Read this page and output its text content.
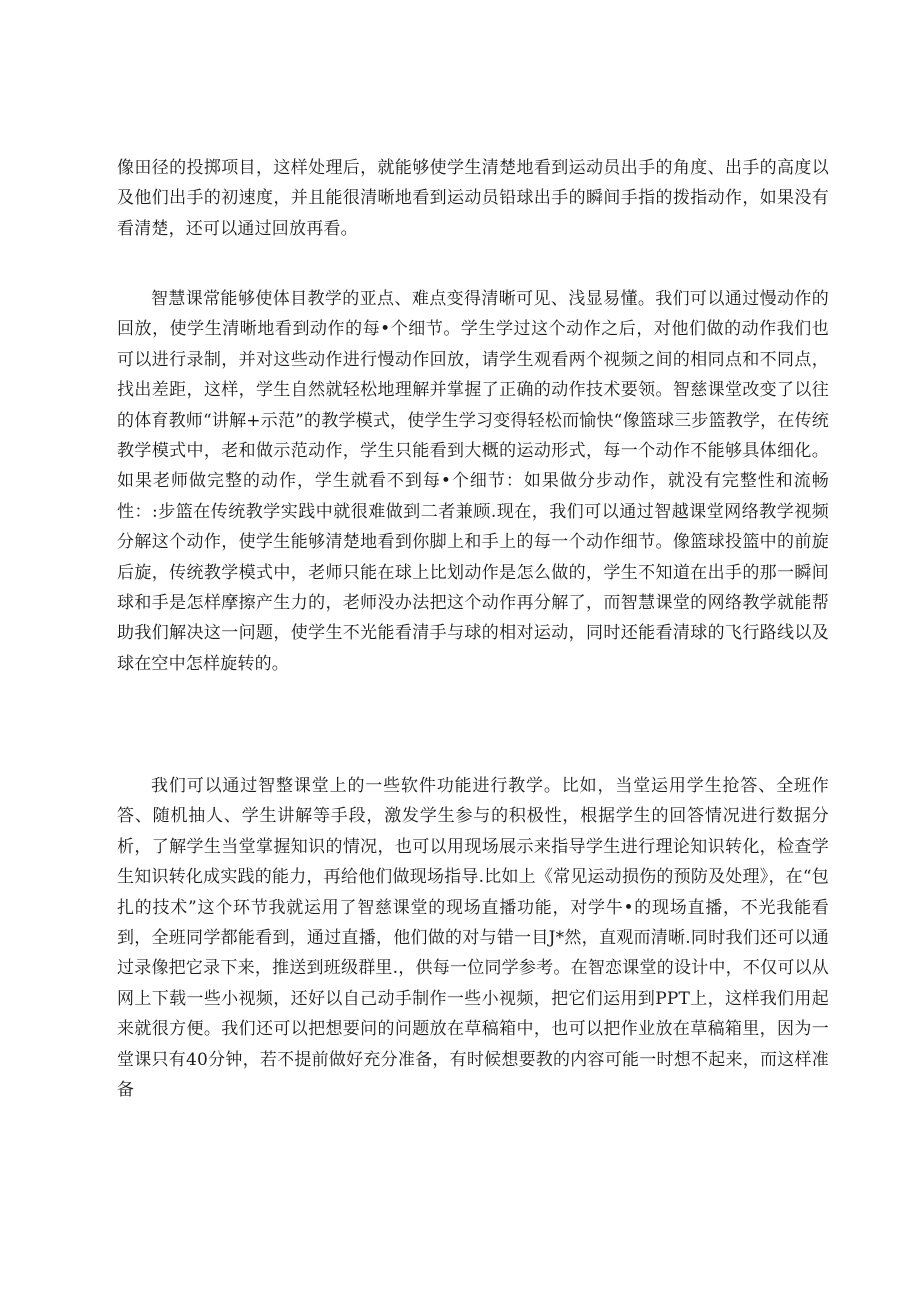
像田径的投掷项目，这样处理后，就能够使学生清楚地看到运动员出手的角度、出手的高度以及他们出手的初速度，并且能很清晰地看到运动员铅球出手的瞬间手指的拨指动作，如果没有看清楚，还可以通过回放再看。

智慧课常能够使体目教学的亚点、难点变得清晰可见、浅显易懂。我们可以通过慢动作的回放，使学生清晰地看到动作的每•个细节。学生学过这个动作之后，对他们做的动作我们也可以进行录制，并对这些动作进行慢动作回放，请学生观看两个视频之间的相同点和不同点，找出差距，这样，学生自然就轻松地理解并掌握了正确的动作技术要领。智慈课堂改变了以往的体育教师“讲解+示范”的教学模式，使学生学习变得轻松而愉快“像篮球三步篮教学，在传统教学模式中，老和做示范动作，学生只能看到大概的运动形式，每一个动作不能够具体细化。如果老师做完整的动作，学生就看不到每•个细节：如果做分步动作，就没有完整性和流畅性：:步篮在传统教学实践中就很难做到二者兼顾.现在，我们可以通过智越课堂网络教学视频分解这个动作，使学生能够清楚地看到你脚上和手上的每一个动作细节。像篮球投篮中的前旋后旋，传统教学模式中，老师只能在球上比划动作是怎么做的，学生不知道在出手的那一瞬间球和手是怎样摩擦产生力的，老师没办法把这个动作再分解了，而智慧课堂的网络教学就能帮助我们解决这一问题，使学生不光能看清手与球的相对运动，同时还能看清球的飞行路线以及球在空中怎样旋转的。

我们可以通过智整课堂上的一些软件功能进行教学。比如，当堂运用学生抢答、全班作答、随机抽人、学生讲解等手段，激发学生参与的积极性，根据学生的回答情况进行数据分析，了解学生当堂掌握知识的情况，也可以用现场展示来指导学生进行理论知识转化，检查学生知识转化成实践的能力，再给他们做现场指导.比如上《常见运动损伤的预防及处理》，在“包扎的技术”这个环节我就运用了智慈课堂的现场直播功能，对学牛•的现场直播，不光我能看到，全班同学都能看到，通过直播，他们做的对与错一目J*然，直观而清晰.同时我们还可以通过录像把它录下来，推送到班级群里.，供每一位同学参考。在智恋课堂的设计中，不仅可以从网上下载一些小视频，还好以自己动手制作一些小视频，把它们运用到PPT上，这样我们用起来就很方便。我们还可以把想要问的问题放在草稿箱中，也可以把作业放在草稿箱里，因为一堂课只有40分钟，若不提前做好充分准备，有时候想要教的内容可能一时想不起来，而这样准备
